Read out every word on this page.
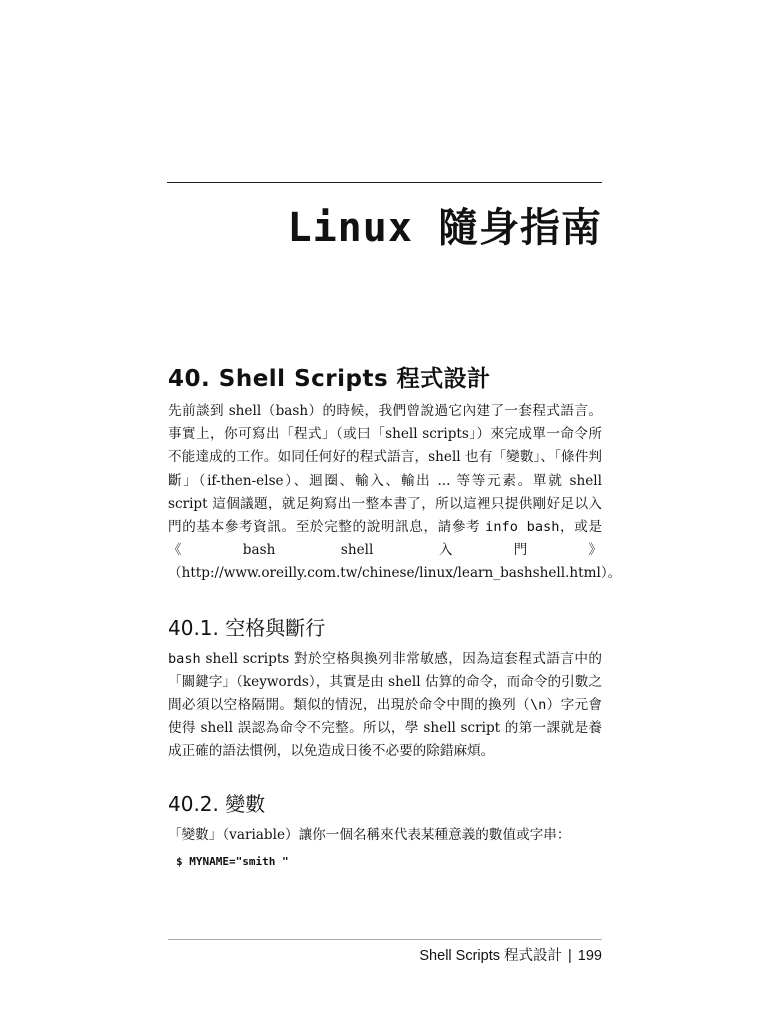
Linux 隨身指南
40. Shell Scripts 程式設計

先前談到 shell（bash）的時候，我們曾說過它內建了一套程式語言。事實上，你可寫出「程式」（或曰「shell scripts」）來完成單一命令所不能達成的工作。如同任何好的程式語言，shell 也有「變數」、「條件判斷」（if-then-else）、迴圈、輸入、輸出 ... 等等元素。單就 shell script 這個議題，就足夠寫出一整本書了，所以這裡只提供剛好足以入門的基本參考資訊。至於完整的說明訊息，請參考 info bash，或是《bash shell 入門》（http://www.oreilly.com.tw/chinese/linux/learn_bashshell.html）。

40.1. 空格與斷行

bash shell scripts 對於空格與換列非常敏感，因為這套程式語言中的「關鍵字」（keywords），其實是由 shell 估算的命令，而命令的引數之間必須以空格隔開。類似的情況，出現於命令中間的換列（\n）字元會使得 shell 誤認為命令不完整。所以，學 shell script 的第一課就是養成正確的語法慣例，以免造成日後不必要的除錯麻煩。

40.2. 變數

「變數」（variable）讓你一個名稱來代表某種意義的數值或字串：

$ MYNAME="smith "
Shell Scripts 程式設計 | 199
